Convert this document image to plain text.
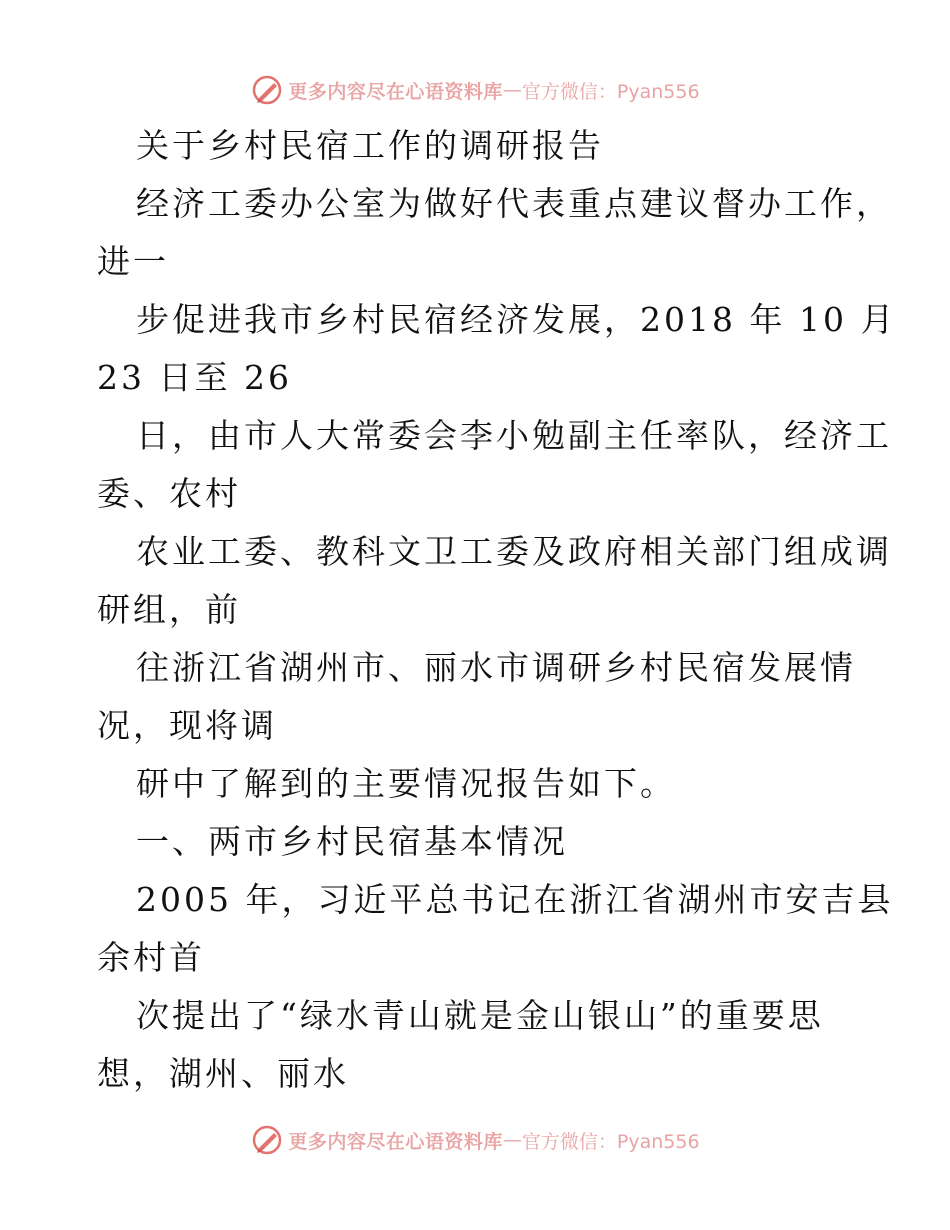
更多内容尽在心语资料库 — 官方微信：Pyan556
关于乡村民宿工作的调研报告
经济工委办公室为做好代表重点建议督办工作，
进一
步促进我市乡村民宿经济发展，2018 年 10 月
23 日至 26
日，由市人大常委会李小勉副主任率队，经济工
委、农村
农业工委、教科文卫工委及政府相关部门组成调
研组，前
往浙江省湖州市、丽水市调研乡村民宿发展情
况，现将调
研中了解到的主要情况报告如下。
一、两市乡村民宿基本情况
2005 年，习近平总书记在浙江省湖州市安吉县
余村首
次提出了“绿水青山就是金山银山”的重要思
想，湖州、丽水
更多内容尽在心语资料库 — 官方微信：Pyan556
